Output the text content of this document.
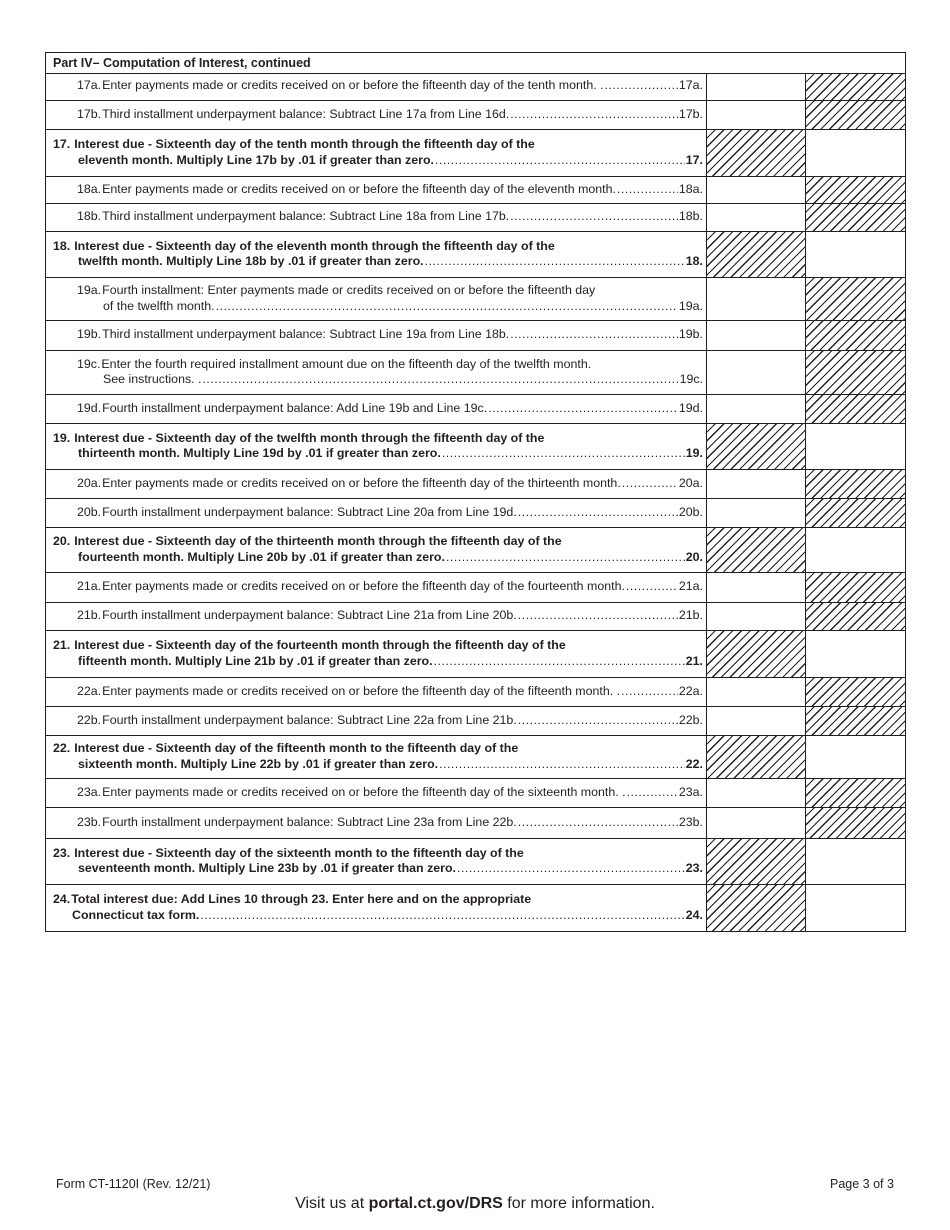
Part IV– Computation of Interest, continued
17a. Enter payments made or credits received on or before the fifteenth day of the tenth month. . .....	17a.
17b. Third installment underpayment balance: Subtract Line 17a from Line 16d. .....	17b.
17. Interest due - Sixteenth day of the tenth month through the fifteenth day of the
eleventh month. Multiply Line 17b by .01 if greater than zero. .....	17.
18a. Enter payments made or credits received on or before the fifteenth day of the eleventh month. .....	18a.
18b. Third installment underpayment balance: Subtract Line 18a from Line 17b. .....	18b.
18. Interest due - Sixteenth day of the eleventh month through the fifteenth day of the
twelfth month. Multiply Line 18b by .01 if greater than zero. .....	18.
19a. Fourth installment: Enter payments made or credits received on or before the fifteenth day
of the twelfth month. .....	19a.
19b. Third installment underpayment balance: Subtract Line 19a from Line 18b. .....	19b.
19c. Enter the fourth required installment amount due on the fifteenth day of the twelfth month.
See instructions. . .....	19c.
19d. Fourth installment underpayment balance: Add Line 19b and Line 19c. .....	19d.
19. Interest due - Sixteenth day of the twelfth month through the fifteenth day of the
thirteenth month. Multiply Line 19d by .01 if greater than zero. .....	19.
20a. Enter payments made or credits received on or before the fifteenth day of the thirteenth month. .....	20a.
20b. Fourth installment underpayment balance: Subtract Line 20a from Line 19d. .....	20b.
20. Interest due - Sixteenth day of the thirteenth month through the fifteenth day of the
fourteenth month. Multiply Line 20b by .01 if greater than zero. .....	20.
21a. Enter payments made or credits received on or before the fifteenth day of the fourteenth month. .....	21a.
21b. Fourth installment underpayment balance: Subtract Line 21a from Line 20b. .....	21b.
21. Interest due - Sixteenth day of the fourteenth month through the fifteenth day of the
fifteenth month. Multiply Line 21b by .01 if greater than zero. .....	21.
22a. Enter payments made or credits received on or before the fifteenth day of the fifteenth month. . .....	22a.
22b. Fourth installment underpayment balance: Subtract Line 22a from Line 21b. .....	22b.
22. Interest due - Sixteenth day of the fifteenth month to the fifteenth day of the
sixteenth month. Multiply Line 22b by .01 if greater than zero. .....	22.
23a. Enter payments made or credits received on or before the fifteenth day of the sixteenth month. . .....	23a.
23b. Fourth installment underpayment balance: Subtract Line 23a from Line 22b. .....	23b.
23. Interest due - Sixteenth day of the sixteenth month to the fifteenth day of the
seventeenth month. Multiply Line 23b by .01 if greater than zero. .....	23.
24. Total interest due: Add Lines 10 through 23. Enter here and on the appropriate
Connecticut tax form. .....	24.
Form CT-1120I (Rev. 12/21)	Page 3 of 3
Visit us at portal.ct.gov/DRS for more information.
